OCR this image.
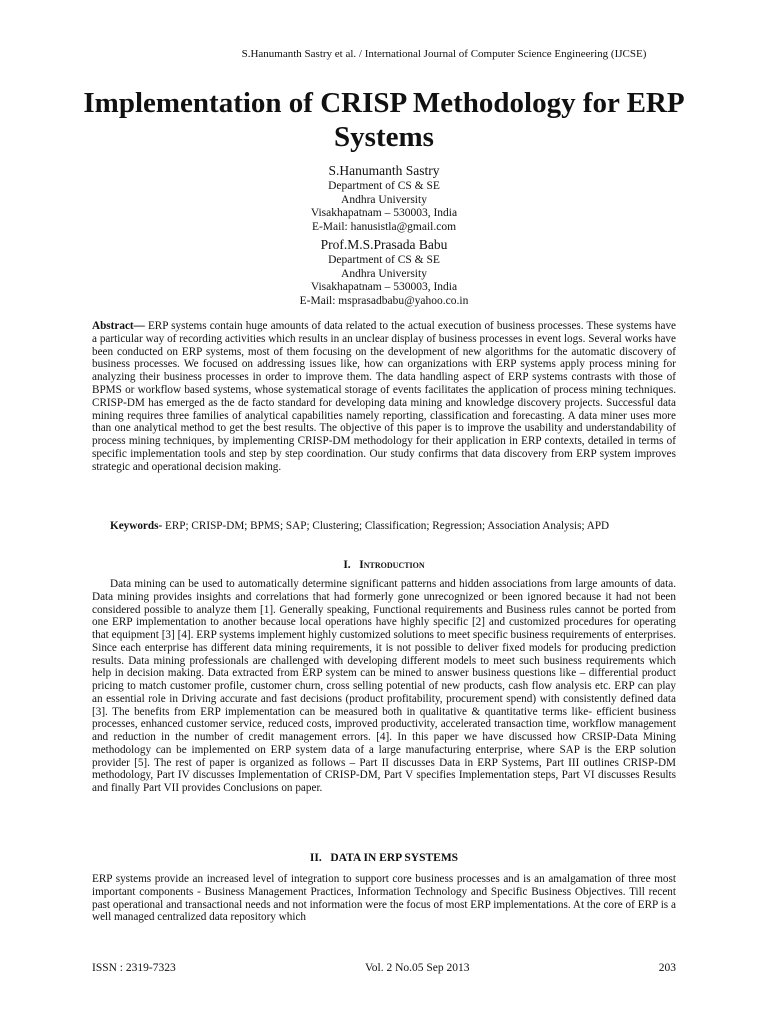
S.Hanumanth Sastry et al. / International Journal of Computer Science Engineering (IJCSE)
Implementation of CRISP Methodology for ERP Systems
S.Hanumanth Sastry
Department of CS & SE
Andhra University
Visakhapatnam – 530003, India
E-Mail: hanusistla@gmail.com
Prof.M.S.Prasada Babu
Department of CS & SE
Andhra University
Visakhapatnam – 530003, India
E-Mail: msprasadbabu@yahoo.co.in
Abstract— ERP systems contain huge amounts of data related to the actual execution of business processes. These systems have a particular way of recording activities which results in an unclear display of business processes in event logs. Several works have been conducted on ERP systems, most of them focusing on the development of new algorithms for the automatic discovery of business processes. We focused on addressing issues like, how can organizations with ERP systems apply process mining for analyzing their business processes in order to improve them. The data handling aspect of ERP systems contrasts with those of BPMS or workflow based systems, whose systematical storage of events facilitates the application of process mining techniques. CRISP-DM has emerged as the de facto standard for developing data mining and knowledge discovery projects. Successful data mining requires three families of analytical capabilities namely reporting, classification and forecasting. A data miner uses more than one analytical method to get the best results. The objective of this paper is to improve the usability and understandability of process mining techniques, by implementing CRISP-DM methodology for their application in ERP contexts, detailed in terms of specific implementation tools and step by step coordination. Our study confirms that data discovery from ERP system improves strategic and operational decision making.
Keywords- ERP; CRISP-DM; BPMS; SAP; Clustering; Classification; Regression; Association Analysis; APD
I. Introduction
Data mining can be used to automatically determine significant patterns and hidden associations from large amounts of data. Data mining provides insights and correlations that had formerly gone unrecognized or been ignored because it had not been considered possible to analyze them [1]. Generally speaking, Functional requirements and Business rules cannot be ported from one ERP implementation to another because local operations have highly specific [2] and customized procedures for operating that equipment [3] [4]. ERP systems implement highly customized solutions to meet specific business requirements of enterprises. Since each enterprise has different data mining requirements, it is not possible to deliver fixed models for producing prediction results. Data mining professionals are challenged with developing different models to meet such business requirements which help in decision making. Data extracted from ERP system can be mined to answer business questions like – differential product pricing to match customer profile, customer churn, cross selling potential of new products, cash flow analysis etc. ERP can play an essential role in Driving accurate and fast decisions (product profitability, procurement spend) with consistently defined data [3]. The benefits from ERP implementation can be measured both in qualitative & quantitative terms like- efficient business processes, enhanced customer service, reduced costs, improved productivity, accelerated transaction time, workflow management and reduction in the number of credit management errors. [4]. In this paper we have discussed how CRSIP-Data Mining methodology can be implemented on ERP system data of a large manufacturing enterprise, where SAP is the ERP solution provider [5]. The rest of paper is organized as follows – Part II discusses Data in ERP Systems, Part III outlines CRISP-DM methodology, Part IV discusses Implementation of CRISP-DM, Part V specifies Implementation steps, Part VI discusses Results and finally Part VII provides Conclusions on paper.
II. DATA IN ERP SYSTEMS
ERP systems provide an increased level of integration to support core business processes and is an amalgamation of three most important components - Business Management Practices, Information Technology and Specific Business Objectives. Till recent past operational and transactional needs and not information were the focus of most ERP implementations. At the core of ERP is a well managed centralized data repository which
ISSN : 2319-7323	Vol. 2 No.05 Sep 2013	203
